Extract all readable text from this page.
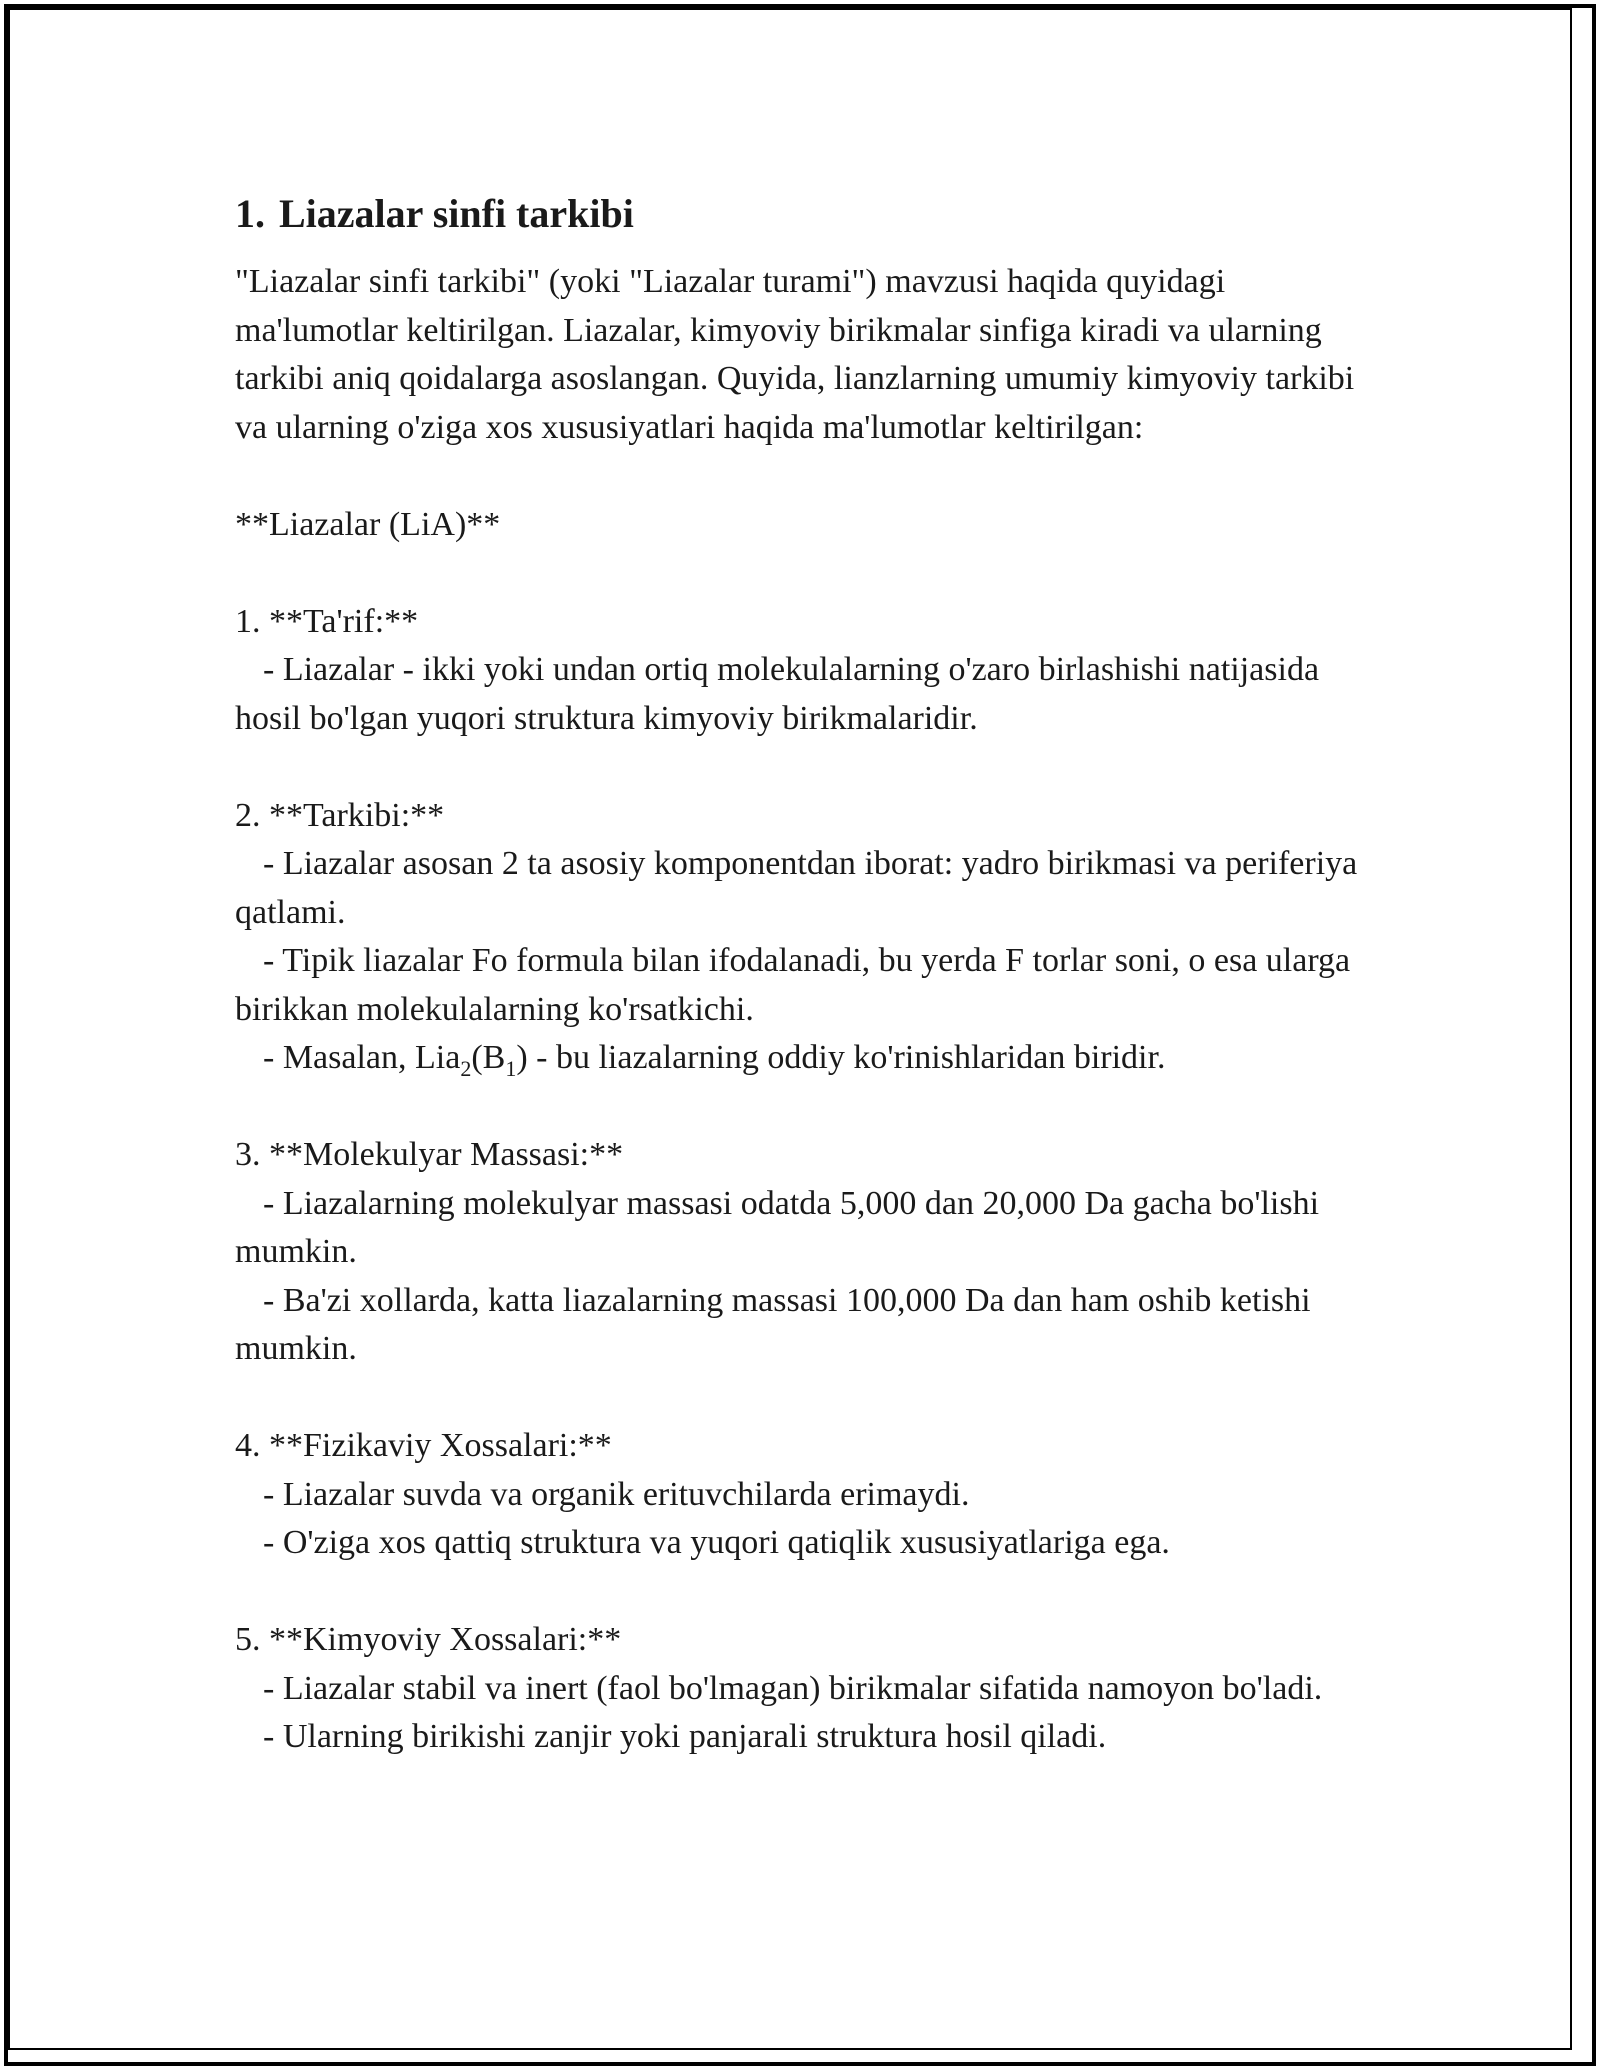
1. Liazalar sinfi tarkibi

"Liazalar sinfi tarkibi" (yoki "Liazalar turami") mavzusi haqida quyidagi ma'lumotlar keltirilgan. Liazalar, kimyoviy birikmalar sinfiga kiradi va ularning tarkibi aniq qoidalarga asoslangan. Quyida, lianzlarning umumiy kimyoviy tarkibi va ularning o'ziga xos xususiyatlari haqida ma'lumotlar keltirilgan:

**Liazalar (LiA)**

1. **Ta'rif:**

- Liazalar - ikki yoki undan ortiq molekulalarning o'zaro birlashishi natijasida hosil bo'lgan yuqori struktura kimyoviy birikmalaridir.

2. **Tarkibi:**

- Liazalar asosan 2 ta asosiy komponentdan iborat: yadro birikmasi va periferiya qatlami.

- Tipik liazalar Fo formula bilan ifodalanadi, bu yerda F torlar soni, o esa ularga birikkan molekulalarning ko'rsatkichi.

- Masalan, $Lia_2(B_1)$ - bu liazalarning oddiy ko'rinishlaridan biridir.

3. **Molekulyar Massasi:**

- Liazalarning molekulyar massasi odatda 5,000 dan 20,000 Da gacha bo'lishi mumkin.

- Ba'zi xollarda, katta liazalarning massasi 100,000 Da dan ham oshib ketishi mumkin.

4. **Fizikaviy Xossalari:**

- Liazalar suvda va organik erituvchilarda erimaydi.

- O'ziga xos qattiq struktura va yuqori qatiqlik xususiyatlariga ega.

5. **Kimyoviy Xossalari:**

- Liazalar stabil va inert (faol bo'lmagan) birikmalar sifatida namoyon bo'ladi.

- Ularning birikishi zanjir yoki panjarali struktura hosil qiladi.
